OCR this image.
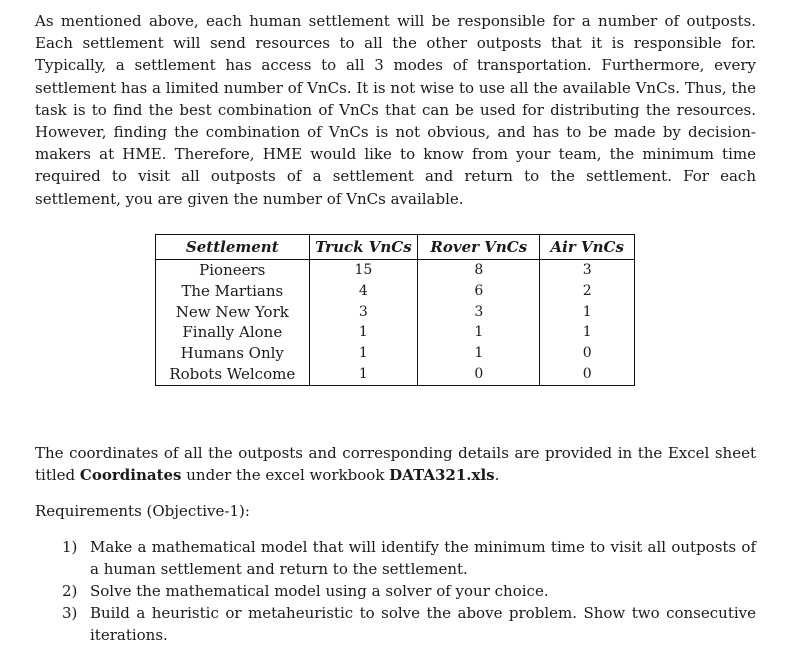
As mentioned above, each human settlement will be responsible for a number of outposts. Each settlement will send resources to all the other outposts that it is responsible for. Typically, a settlement has access to all 3 modes of transportation. Furthermore, every settlement has a limited number of VnCs. It is not wise to use all the available VnCs. Thus, the task is to find the best combination of VnCs that can be used for distributing the resources. However, finding the combination of VnCs is not obvious, and has to be made by decision-makers at HME. Therefore, HME would like to know from your team, the minimum time required to visit all outposts of a settlement and return to the settlement. For each settlement, you are given the number of VnCs available.

Settlement	Truck VnCs	Rover VnCs	Air VnCs
Pioneers	15	8	3
The Martians	4	6	2
New New York	3	3	1
Finally Alone	1	1	1
Humans Only	1	1	0
Robots Welcome	1	0	0

The coordinates of all the outposts and corresponding details are provided in the Excel sheet titled Coordinates under the excel workbook DATA321.xls.

Requirements (Objective-1):

1) Make a mathematical model that will identify the minimum time to visit all outposts of a human settlement and return to the settlement.
2) Solve the mathematical model using a solver of your choice.
3) Build a heuristic or metaheuristic to solve the above problem. Show two consecutive iterations.
